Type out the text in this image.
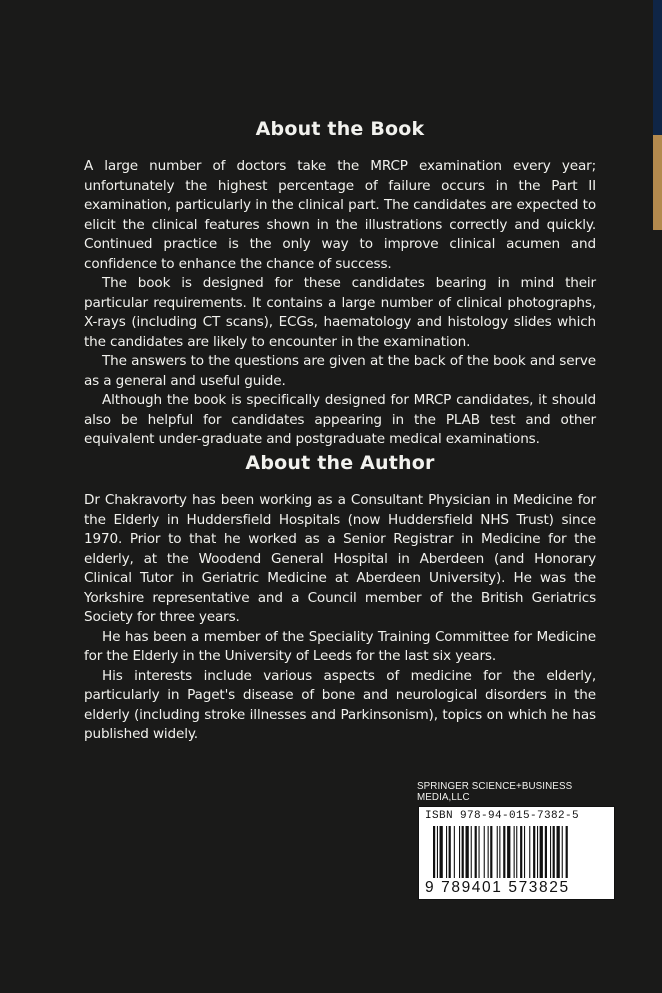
About the Book

A large number of doctors take the MRCP examination every year; unfortunately the highest percentage of failure occurs in the Part II examination, particularly in the clinical part. The candidates are expected to elicit the clinical features shown in the illustrations correctly and quickly. Continued practice is the only way to improve clinical acumen and confidence to enhance the chance of success.

The book is designed for these candidates bearing in mind their particular requirements. It contains a large number of clinical photographs, X-rays (including CT scans), ECGs, haematology and histology slides which the candidates are likely to encounter in the examination.

The answers to the questions are given at the back of the book and serve as a general and useful guide.

Although the book is specifically designed for MRCP candidates, it should also be helpful for candidates appearing in the PLAB test and other equivalent under-graduate and postgraduate medical examinations.

About the Author

Dr Chakravorty has been working as a Consultant Physician in Medicine for the Elderly in Huddersfield Hospitals (now Huddersfield NHS Trust) since 1970. Prior to that he worked as a Senior Registrar in Medicine for the elderly, at the Woodend General Hospital in Aberdeen (and Honorary Clinical Tutor in Geriatric Medicine at Aberdeen University). He was the Yorkshire representative and a Council member of the British Geriatrics Society for three years.

He has been a member of the Speciality Training Committee for Medicine for the Elderly in the University of Leeds for the last six years.

His interests include various aspects of medicine for the elderly, particularly in Paget's disease of bone and neurological disorders in the elderly (including stroke illnesses and Parkinsonism), topics on which he has published widely.

SPRINGER SCIENCE+BUSINESS MEDIA,LLC
ISBN 978-94-015-7382-5
9 789401 573825
